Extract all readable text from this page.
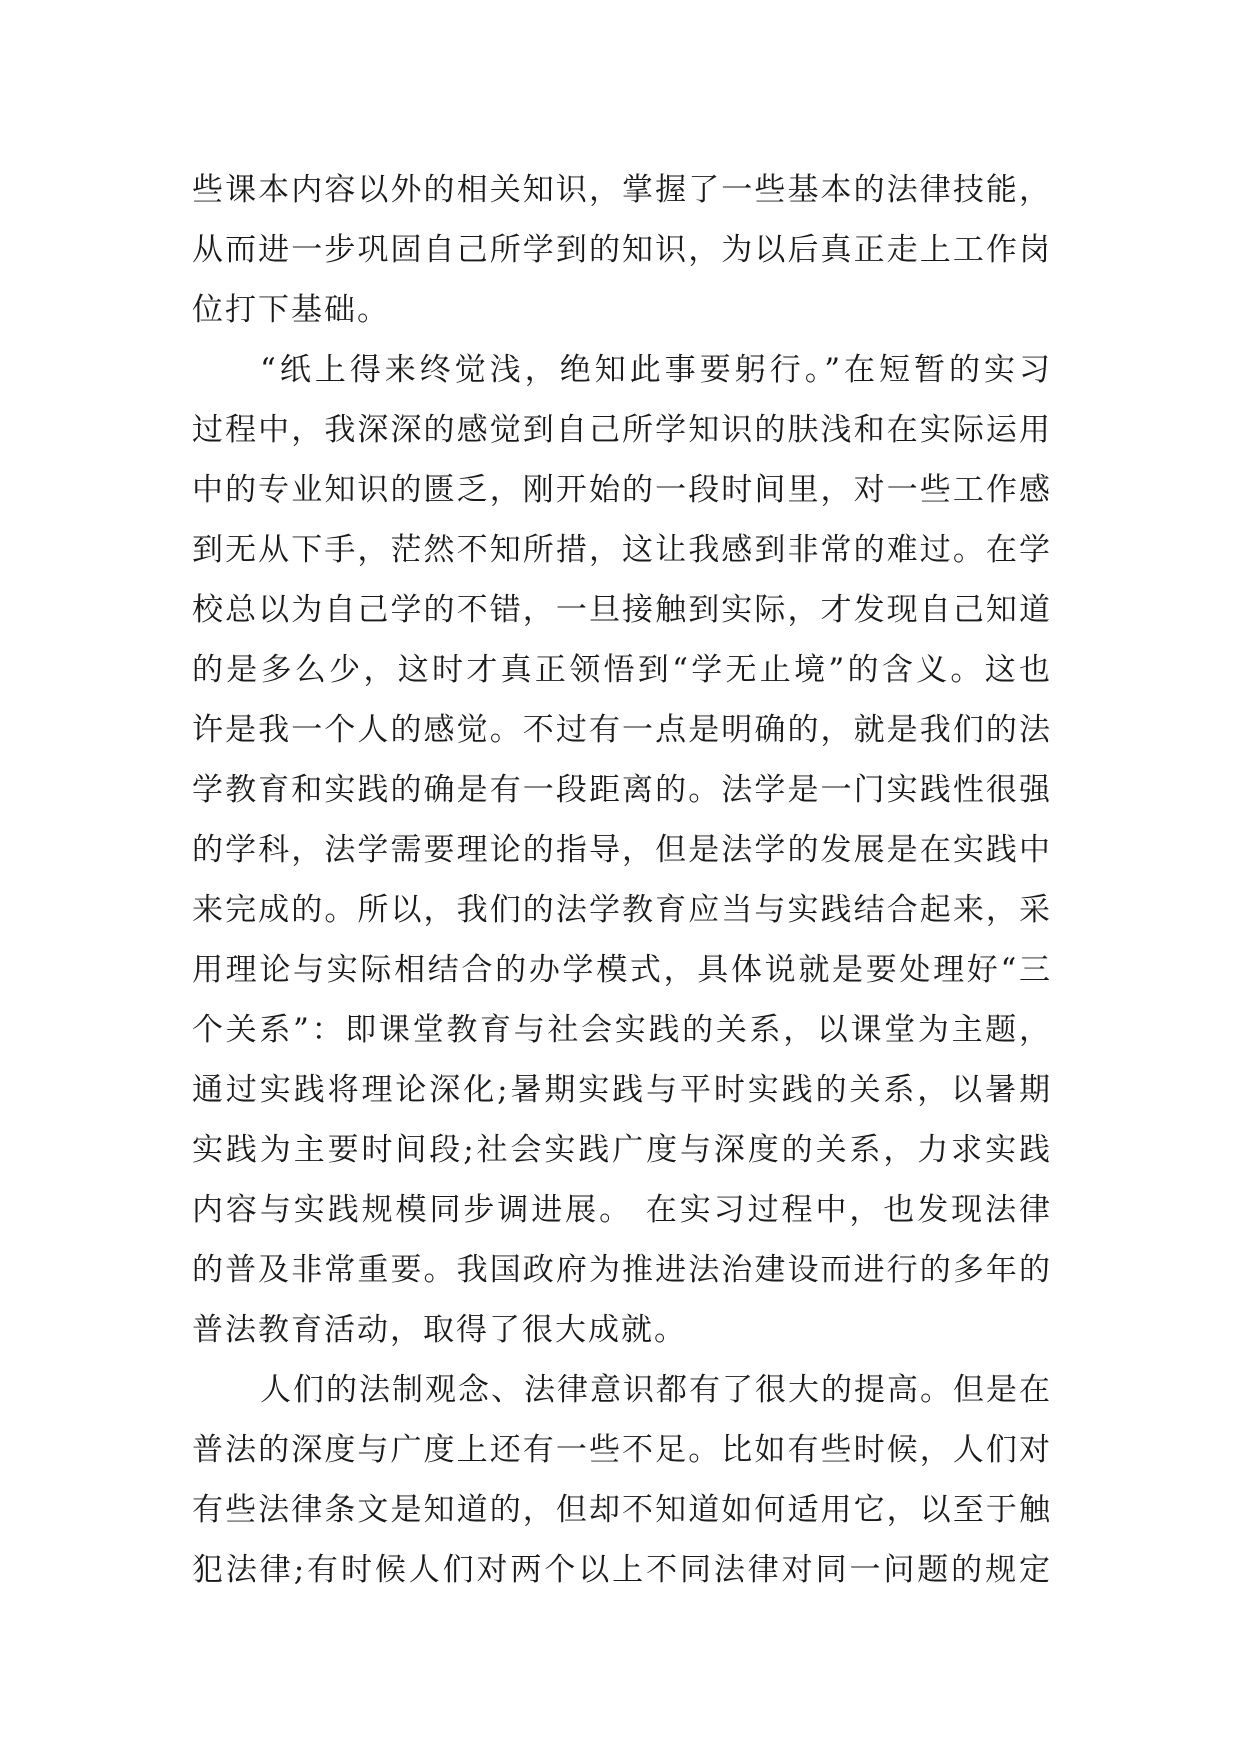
些课本内容以外的相关知识，掌握了一些基本的法律技能，
从而进一步巩固自己所学到的知识，为以后真正走上工作岗
位打下基础。
“纸上得来终觉浅，绝知此事要躬行。”在短暂的实习
过程中，我深深的感觉到自己所学知识的肤浅和在实际运用
中的专业知识的匮乏，刚开始的一段时间里，对一些工作感
到无从下手，茫然不知所措，这让我感到非常的难过。在学
校总以为自己学的不错，一旦接触到实际，才发现自己知道
的是多么少，这时才真正领悟到“学无止境”的含义。这也
许是我一个人的感觉。不过有一点是明确的，就是我们的法
学教育和实践的确是有一段距离的。法学是一门实践性很强
的学科，法学需要理论的指导，但是法学的发展是在实践中
来完成的。所以，我们的法学教育应当与实践结合起来，采
用理论与实际相结合的办学模式，具体说就是要处理好“三
个关系”：即课堂教育与社会实践的关系，以课堂为主题，
通过实践将理论深化;暑期实践与平时实践的关系，以暑期
实践为主要时间段;社会实践广度与深度的关系，力求实践
内容与实践规模同步调进展。 在实习过程中，也发现法律
的普及非常重要。我国政府为推进法治建设而进行的多年的
普法教育活动，取得了很大成就。
人们的法制观念、法律意识都有了很大的提高。但是在
普法的深度与广度上还有一些不足。比如有些时候，人们对
有些法律条文是知道的，但却不知道如何适用它，以至于触
犯法律;有时候人们对两个以上不同法律对同一问题的规定
